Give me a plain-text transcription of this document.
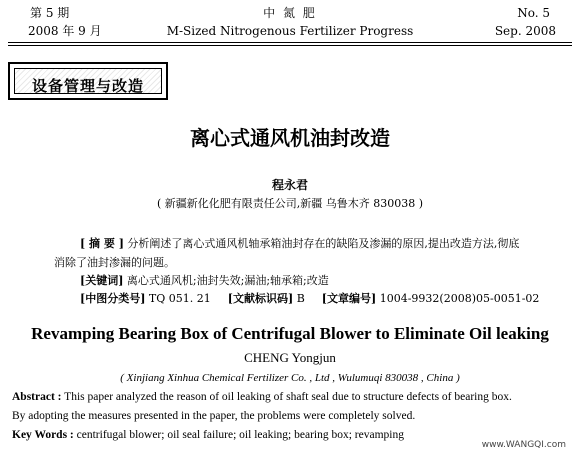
第 5 期
2008 年 9 月
中 氮 肥
M-Sized Nitrogenous Fertilizer Progress
No. 5
Sep. 2008
设备管理与改造
离心式通风机油封改造
程永君
( 新疆新化化肥有限责任公司,新疆 乌鲁木齐 830038 )
[ 摘 要 ] 分析阐述了离心式通风机轴承箱油封存在的缺陷及渗漏的原因,提出改造方法,彻底
消除了油封渗漏的问题。
[关键词] 离心式通风机;油封失效;漏油;轴承箱;改造
[中图分类号] TQ 051. 21 [文献标识码] B [文章编号] 1004-9932(2008)05-0051-02
Revamping Bearing Box of Centrifugal Blower to Eliminate Oil leaking
CHENG Yongjun
( Xinjiang Xinhua Chemical Fertilizer Co. , Ltd , Wulumuqi 830038 , China )
Abstract : This paper analyzed the reason of oil leaking of shaft seal due to structure defects of bearing box.
By adopting the measures presented in the paper, the problems were completely solved.
Key Words : centrifugal blower; oil seal failure; oil leaking; bearing box; revamping
www.WANGQI.com
